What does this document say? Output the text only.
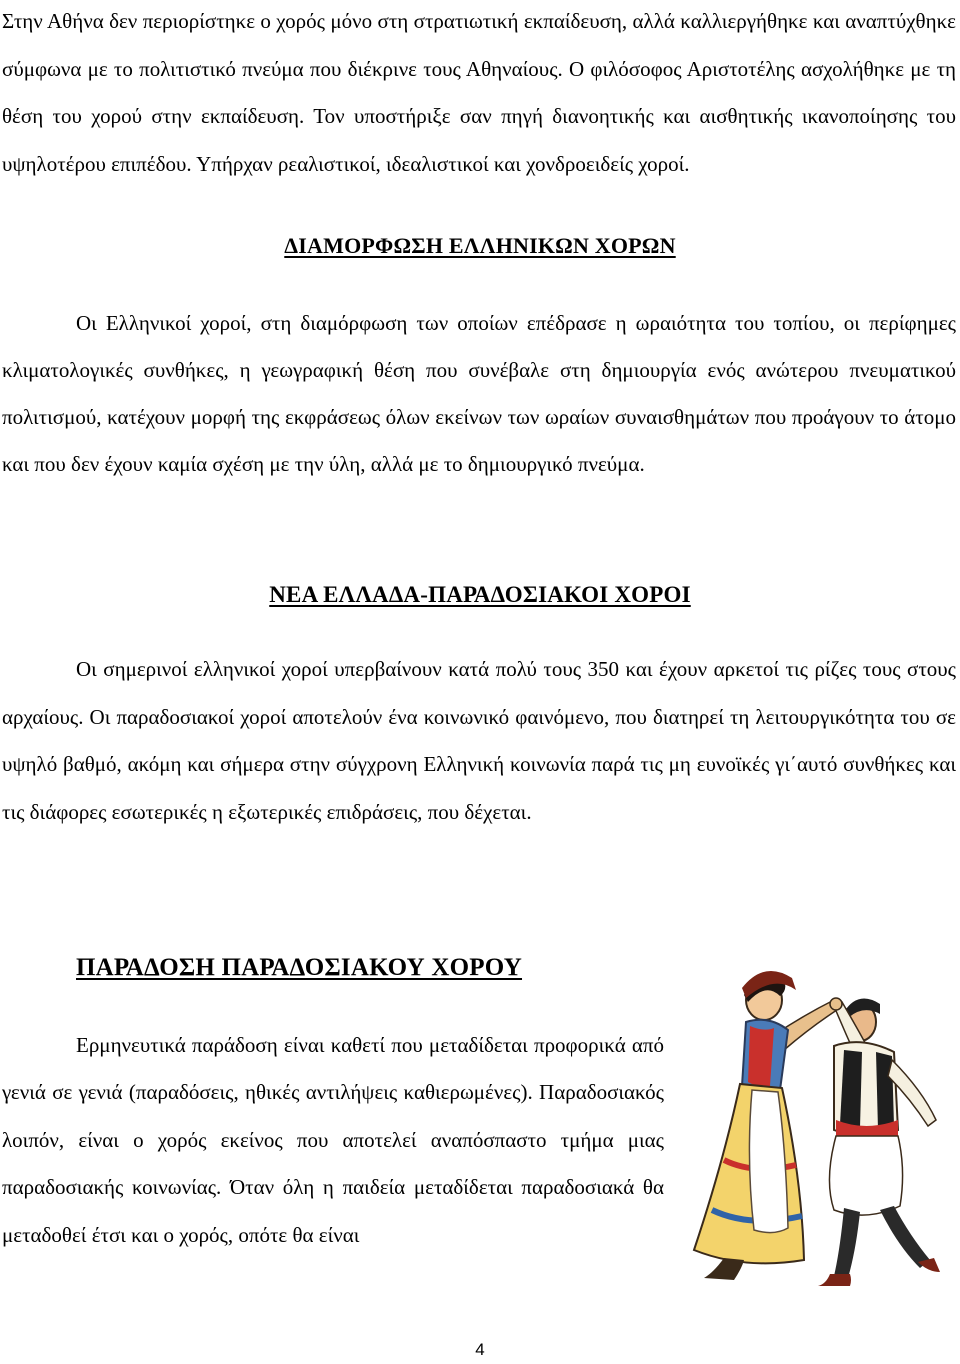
Στην Αθήνα δεν περιορίστηκε ο χορός μόνο στη στρατιωτική εκπαίδευση, αλλά καλλιεργήθηκε και αναπτύχθηκε σύμφωνα με το πολιτιστικό πνεύμα που διέκρινε τους Αθηναίους. Ο φιλόσοφος Αριστοτέλης ασχολήθηκε με τη θέση του χορού στην εκπαίδευση. Τον υποστήριξε σαν πηγή διανοητικής και αισθητικής ικανοποίησης του υψηλοτέρου επιπέδου. Υπήρχαν ρεαλιστικοί, ιδεαλιστικοί και χονδροειδείς χοροί.

ΔΙΑΜΟΡΦΩΣΗ ΕΛΛΗΝΙΚΩΝ ΧΟΡΩΝ

Οι Ελληνικοί χοροί, στη διαμόρφωση των οποίων επέδρασε η ωραιότητα του τοπίου, οι περίφημες κλιματολογικές συνθήκες, η γεωγραφική θέση που συνέβαλε στη δημιουργία ενός ανώτερου πνευματικού πολιτισμού, κατέχουν μορφή της εκφράσεως όλων εκείνων των ωραίων συναισθημάτων που προάγουν το άτομο και που δεν έχουν καμία σχέση με την ύλη, αλλά με το δημιουργικό πνεύμα.

ΝΕΑ ΕΛΛΑΔΑ-ΠΑΡΑΔΟΣΙΑΚΟΙ ΧΟΡΟΙ

Οι σημερινοί ελληνικοί χοροί υπερβαίνουν κατά πολύ τους 350 και έχουν αρκετοί τις ρίζες τους στους αρχαίους. Οι παραδοσιακοί χοροί αποτελούν ένα κοινωνικό φαινόμενο, που διατηρεί τη λειτουργικότητα του σε υψηλό βαθμό, ακόμη και σήμερα στην σύγχρονη Ελληνική κοινωνία παρά τις μη ευνοϊκές γι΄αυτό συνθήκες και τις διάφορες εσωτερικές η εξωτερικές επιδράσεις, που δέχεται.

ΠΑΡΑΔΟΣΗ ΠΑΡΑΔΟΣΙΑΚΟΥ ΧΟΡΟΥ

Ερμηνευτικά παράδοση είναι καθετί που μεταδίδεται προφορικά από γενιά σε γενιά (παραδόσεις, ηθικές αντιλήψεις καθιερωμένες). Παραδοσιακός λοιπόν, είναι ο χορός εκείνος που αποτελεί αναπόσπαστο τμήμα μιας παραδοσιακής κοινωνίας. Όταν όλη η παιδεία μεταδίδεται παραδοσιακά θα μεταδοθεί έτσι και ο χορός, οπότε θα είναι

4
